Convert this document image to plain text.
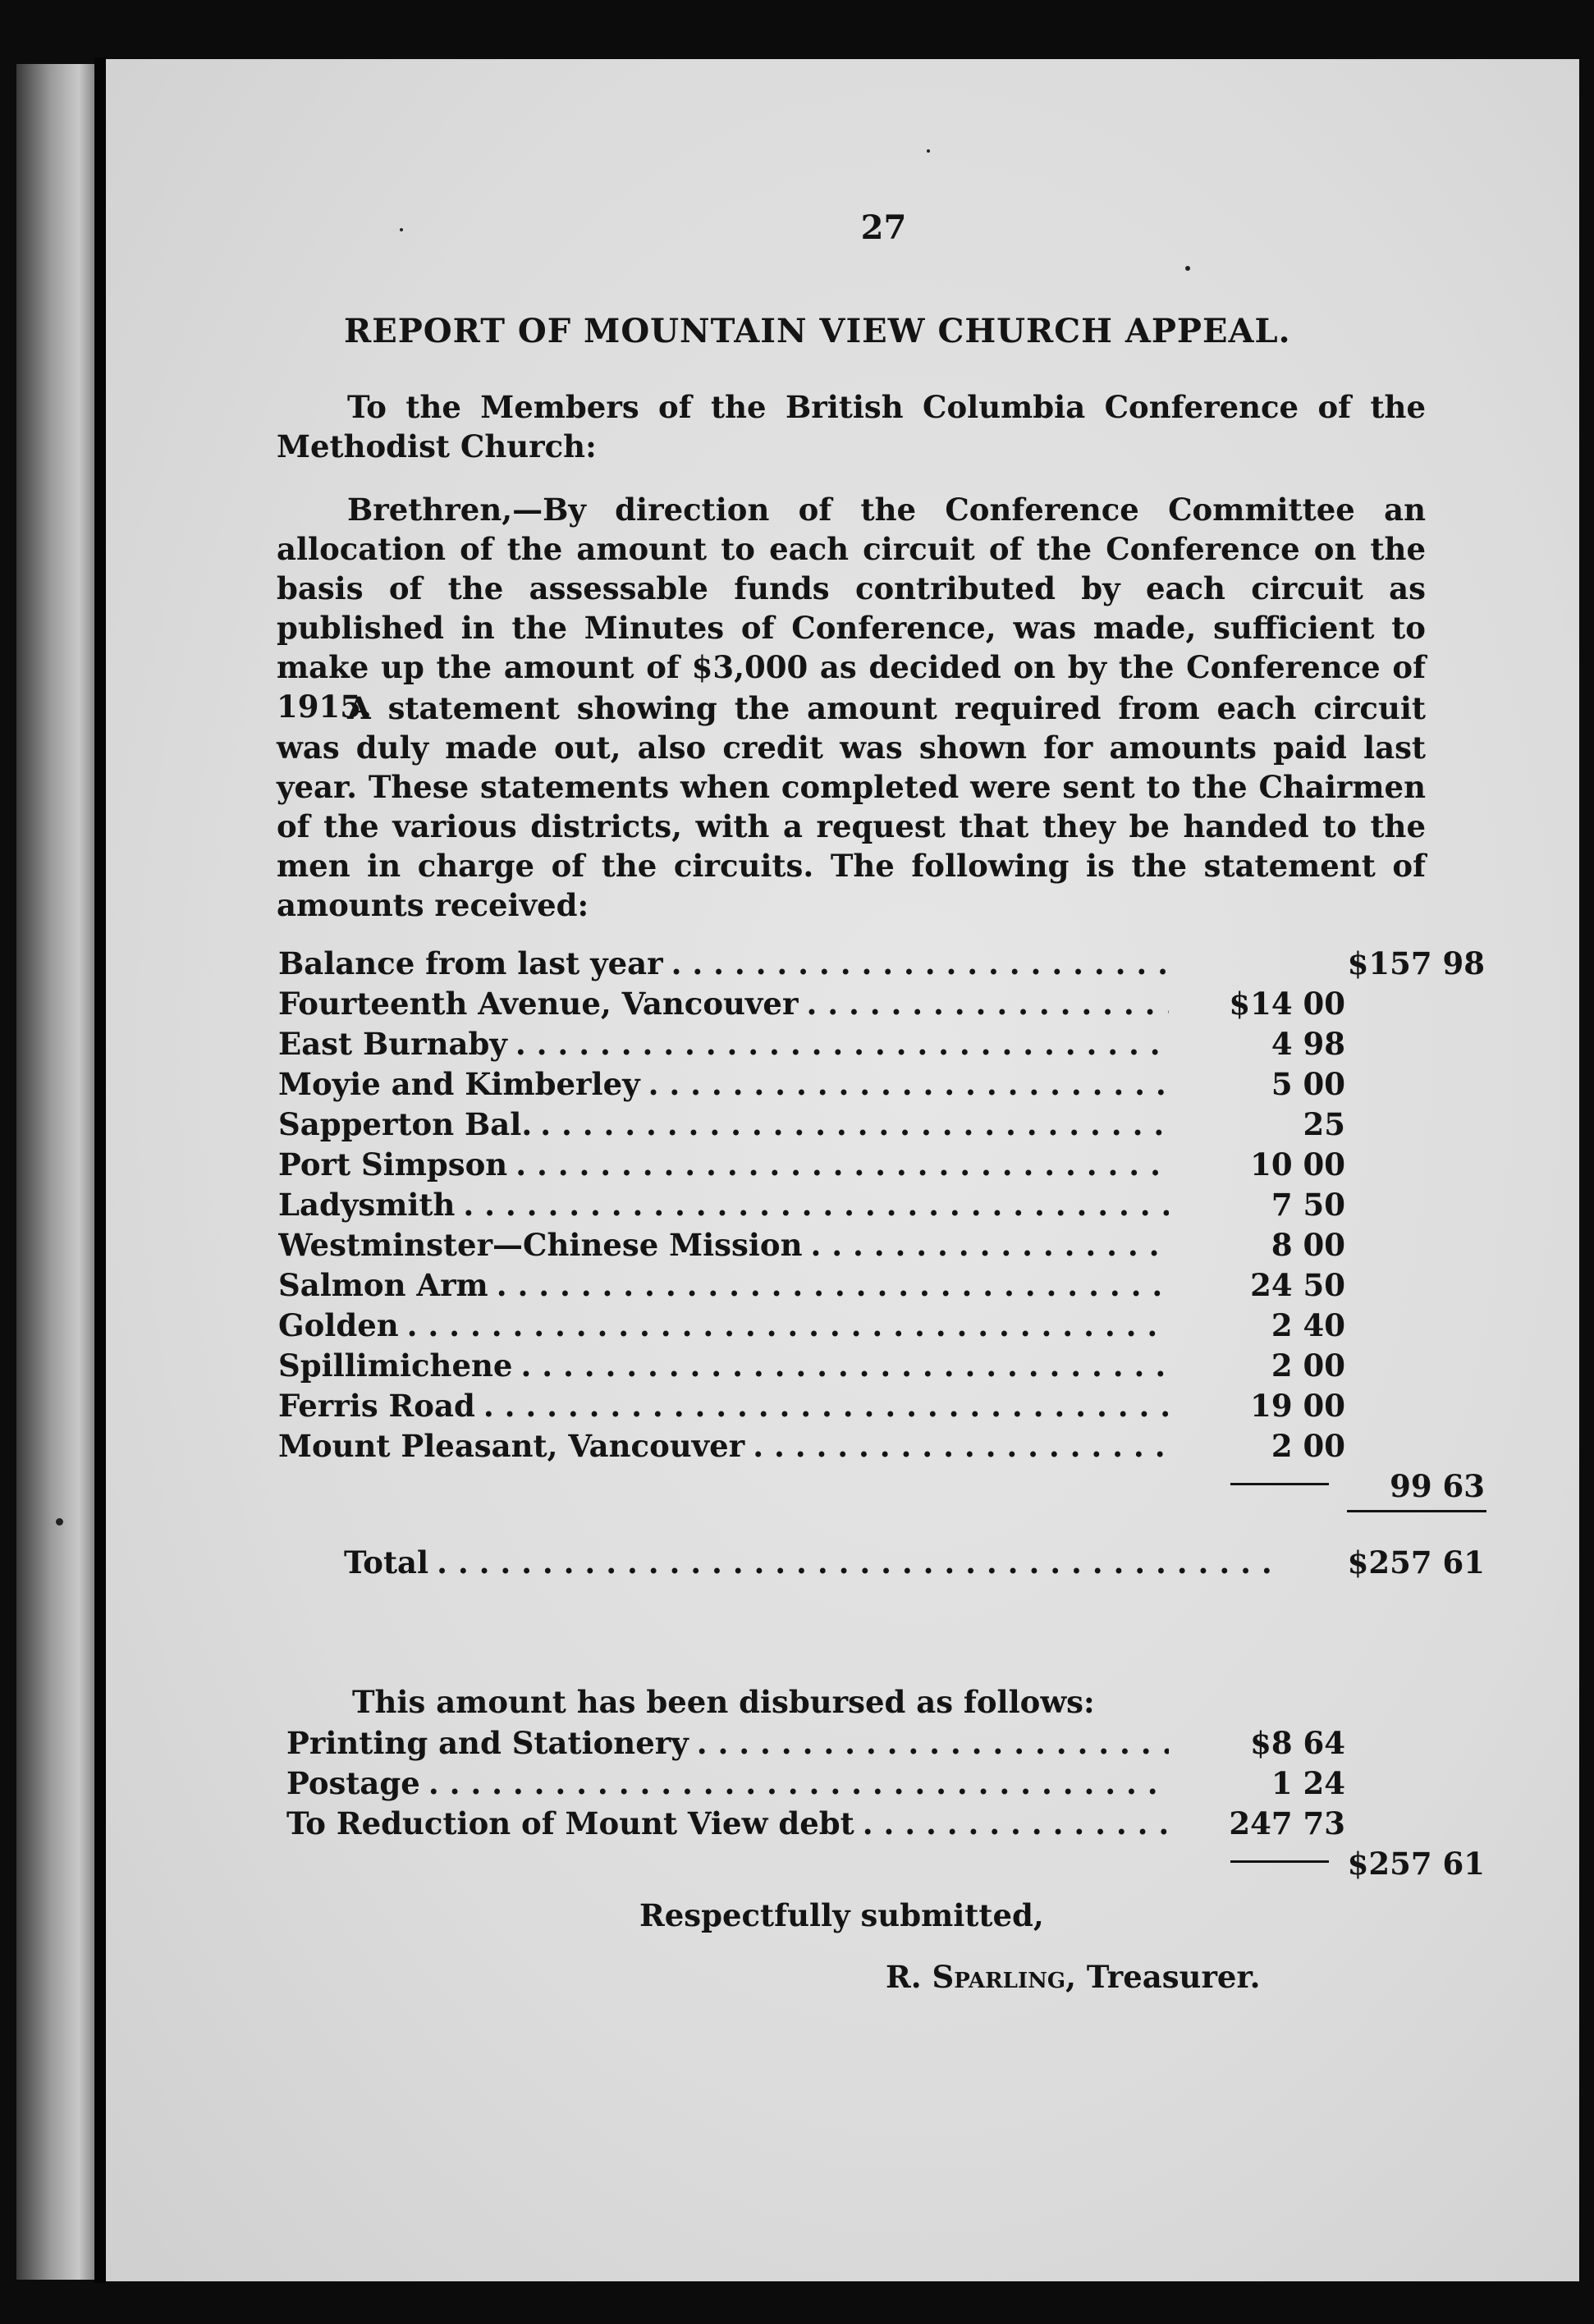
27
REPORT OF MOUNTAIN VIEW CHURCH APPEAL.
To the Members of the British Columbia Conference of the Methodist Church:
Brethren,—By direction of the Conference Committee an allocation of the amount to each circuit of the Conference on the basis of the assessable funds contributed by each circuit as published in the Minutes of Conference, was made, sufficient to make up the amount of $3,000 as decided on by the Conference of 1915.
A statement showing the amount required from each circuit was duly made out, also credit was shown for amounts paid last year. These statements when completed were sent to the Chairmen of the various districts, with a request that they be handed to the men in charge of the circuits. The following is the statement of amounts received:
Balance from last year . . .	$157 98
Fourteenth Avenue, Vancouver . . .	$14 00
East Burnaby . . .	4 98
Moyie and Kimberley . . .	5 00
Sapperton Bal. . . .	25
Port Simpson . . .	10 00
Ladysmith . . .	7 50
Westminster—Chinese Mission . . .	8 00
Salmon Arm . . .	24 50
Golden . . .	2 40
Spillimichene . . .	2 00
Ferris Road . . .	19 00
Mount Pleasant, Vancouver . . .	2 00
99 63
Total . . .	$257 61
This amount has been disbursed as follows:
Printing and Stationery . . .	$8 64
Postage . . .	1 24
To Reduction of Mount View debt . . .	247 73
$257 61
Respectfully submitted,
R. Sparling, Treasurer.
